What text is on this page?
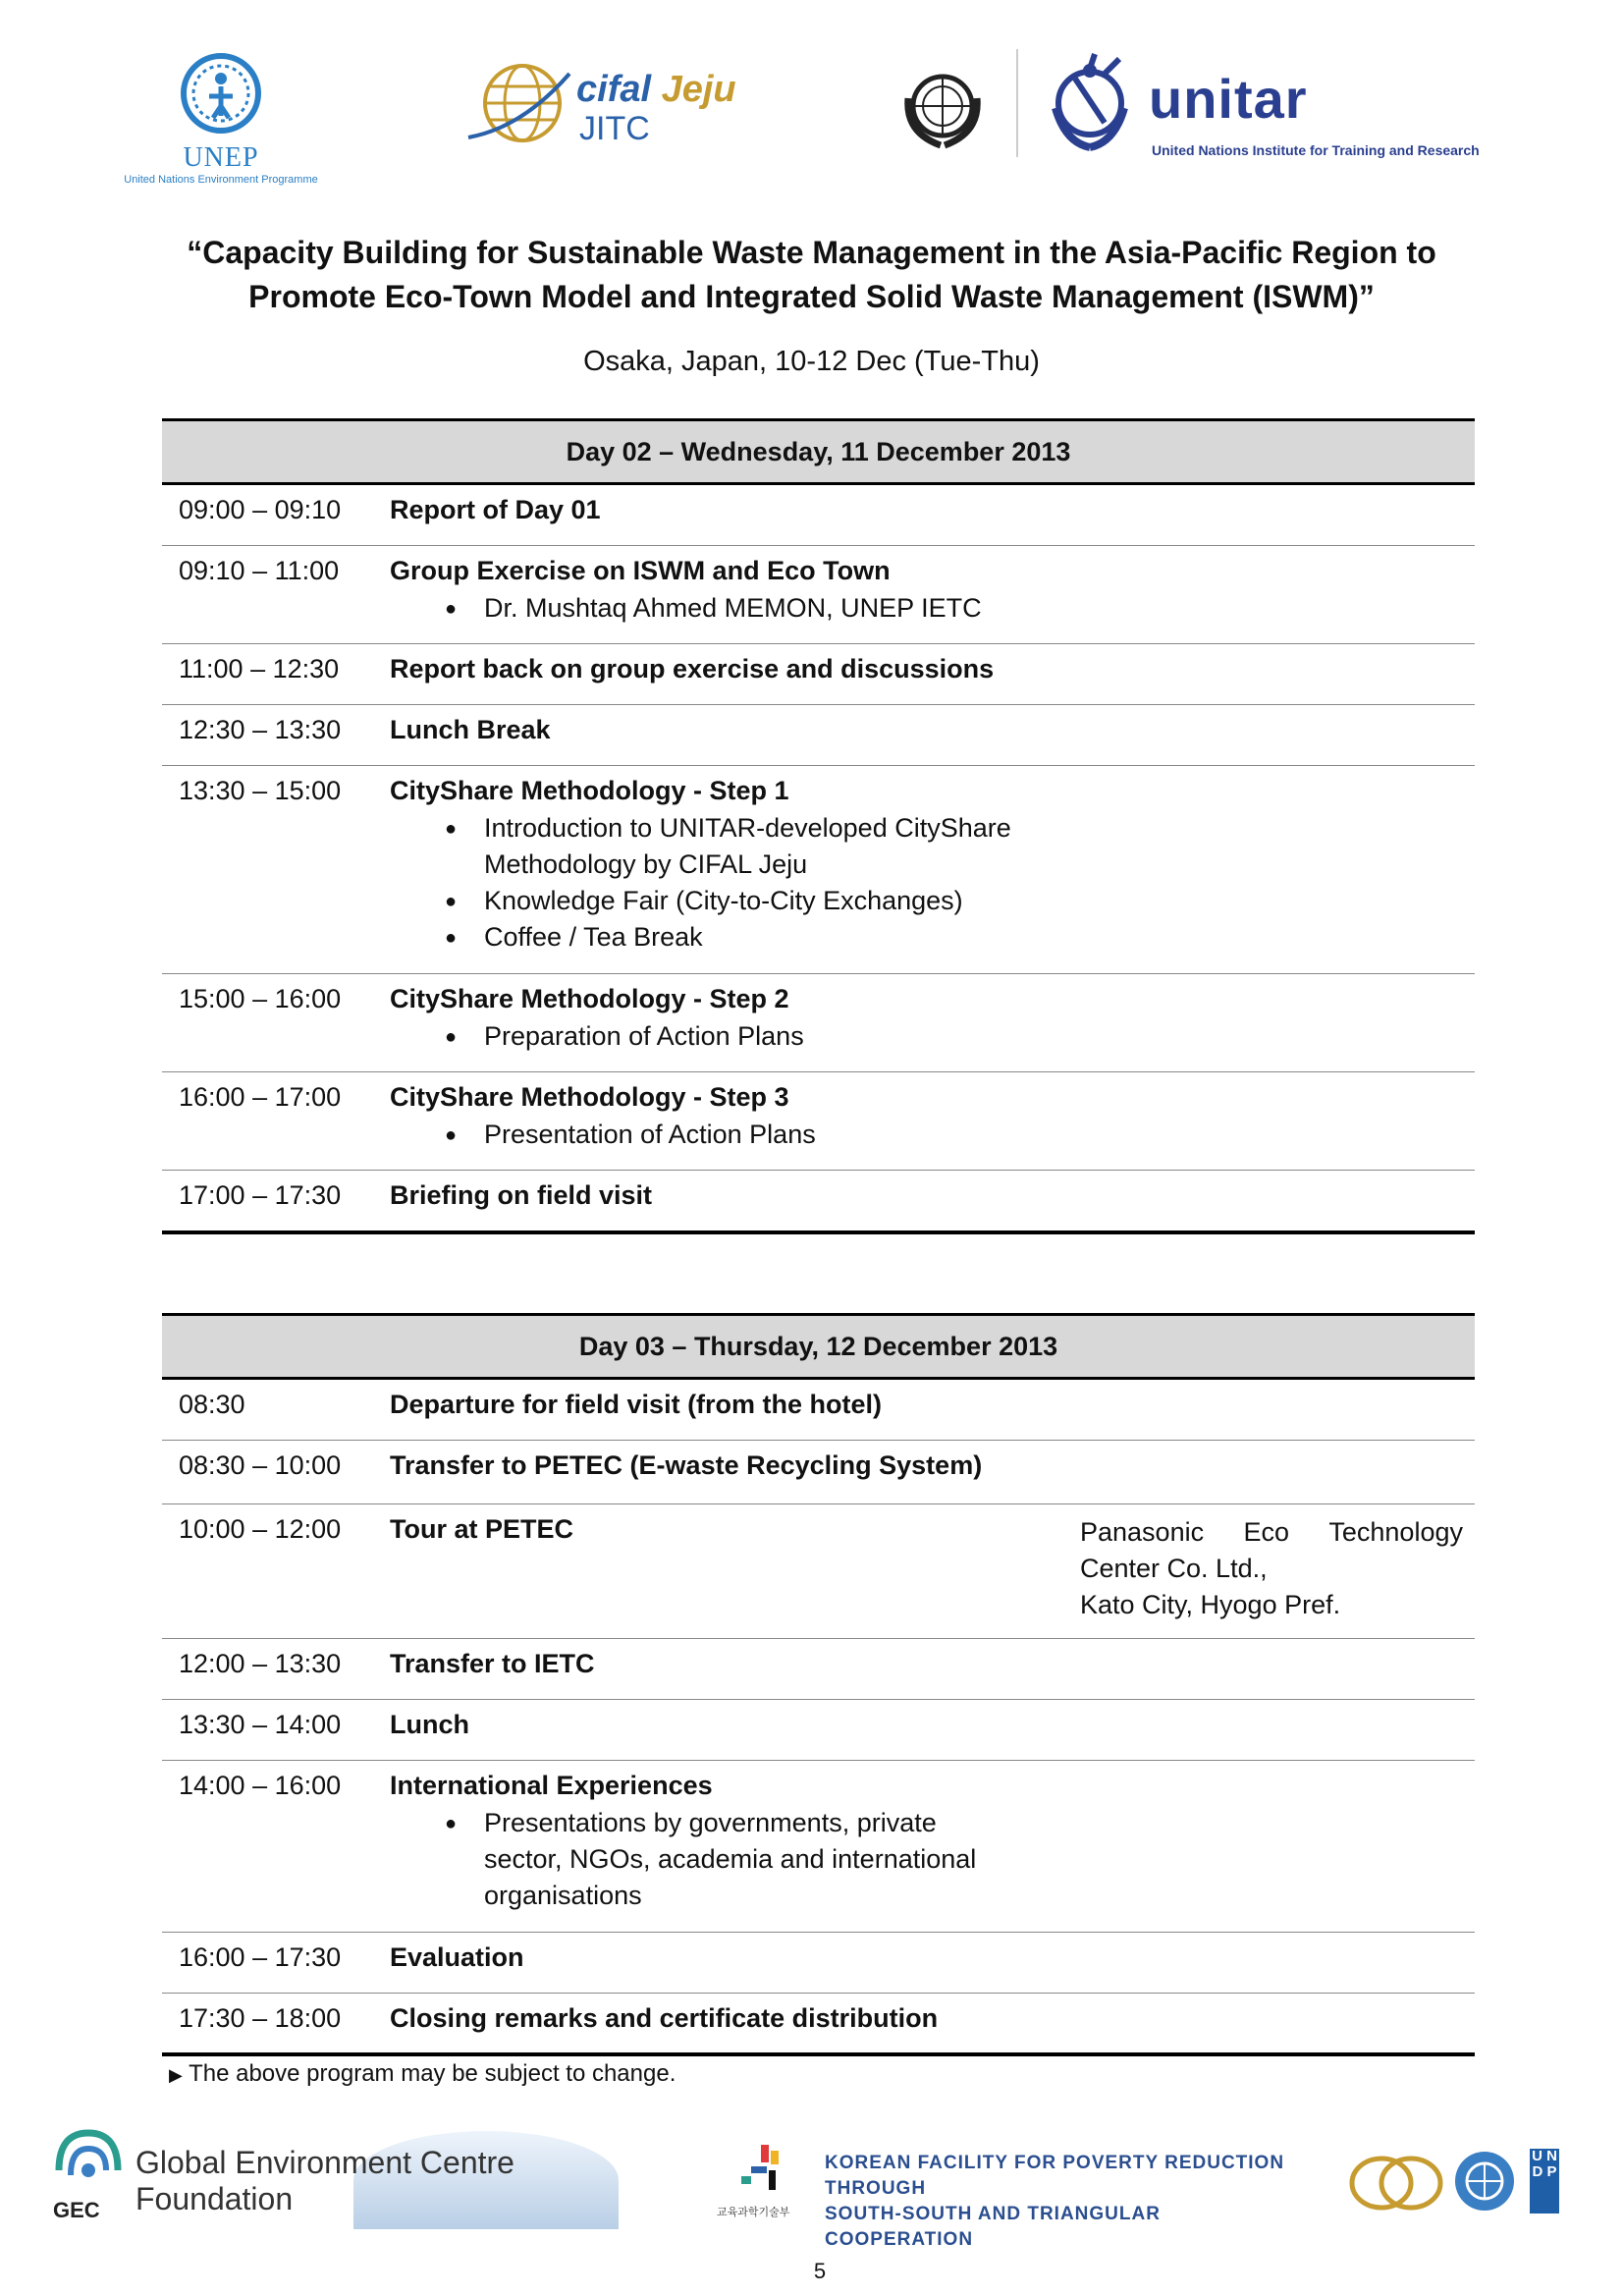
UNEP
United Nations Environment Programme
cifal Jeju
JITC	unitar
United Nations Institute for Training and Research
“Capacity Building for Sustainable Waste Management in the Asia-Pacific Region to
Promote Eco-Town Model and Integrated Solid Waste Management (ISWM)”
Osaka, Japan, 10-12 Dec (Tue-Thu)
Day 02 – Wednesday, 11 December 2013
09:00 – 09:10 Report of Day 01
09:10 – 11:00 Group Exercise on ISWM and Eco Town
● Dr. Mushtaq Ahmed MEMON, UNEP IETC
11:00 – 12:30 Report back on group exercise and discussions
12:30 – 13:30 Lunch Break
13:30 – 15:00 CityShare Methodology - Step 1
● Introduction to UNITAR-developed CityShare Methodology by CIFAL Jeju
● Knowledge Fair (City-to-City Exchanges)
● Coffee / Tea Break
15:00 – 16:00 CityShare Methodology - Step 2
● Preparation of Action Plans
16:00 – 17:00 CityShare Methodology - Step 3
● Presentation of Action Plans
17:00 – 17:30 Briefing on field visit
Day 03 – Thursday, 12 December 2013
08:30	Departure for field visit (from the hotel)
08:30 – 10:00 Transfer to PETEC (E-waste Recycling System)
10:00 – 12:00 Tour at PETEC	Panasonic Eco Technology
Center Co. Ltd.,
Kato City, Hyogo Pref.
12:00 – 13:30 Transfer to IETC
13:30 – 14:00 Lunch
14:00 – 16:00 International Experiences
● Presentations by governments, private sector, NGOs, academia and international organisations
16:00 – 17:30 Evaluation
17:30 – 18:00 Closing remarks and certificate distribution
▶ The above program may be subject to change.
GEC
Global Environment Centre
Foundation	교육과학기술부
KOREAN FACILITY FOR POVERTY REDUCTION THROUGH
SOUTH-SOUTH AND TRIANGULAR COOPERATION
U N D P
5
